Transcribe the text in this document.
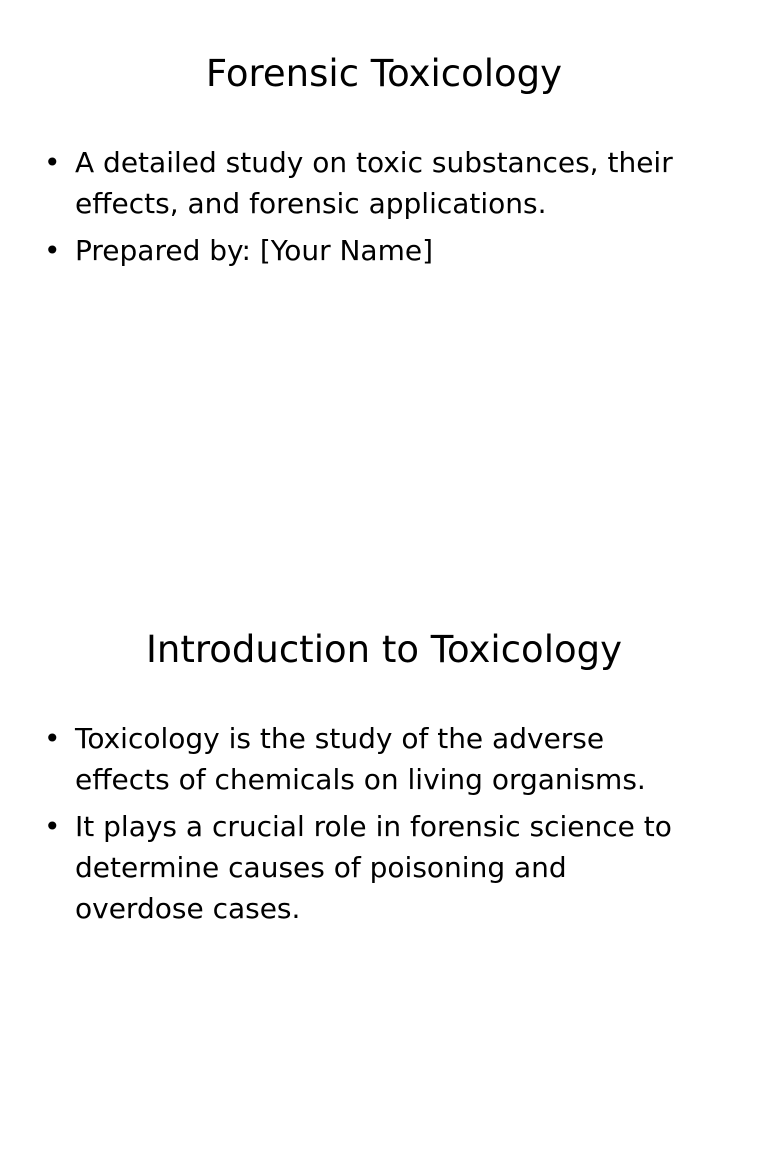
Forensic Toxicology
• A detailed study on toxic substances, their effects, and forensic applications.
• Prepared by: [Your Name]
Introduction to Toxicology
• Toxicology is the study of the adverse effects of chemicals on living organisms.
• It plays a crucial role in forensic science to determine causes of poisoning and overdose cases.
